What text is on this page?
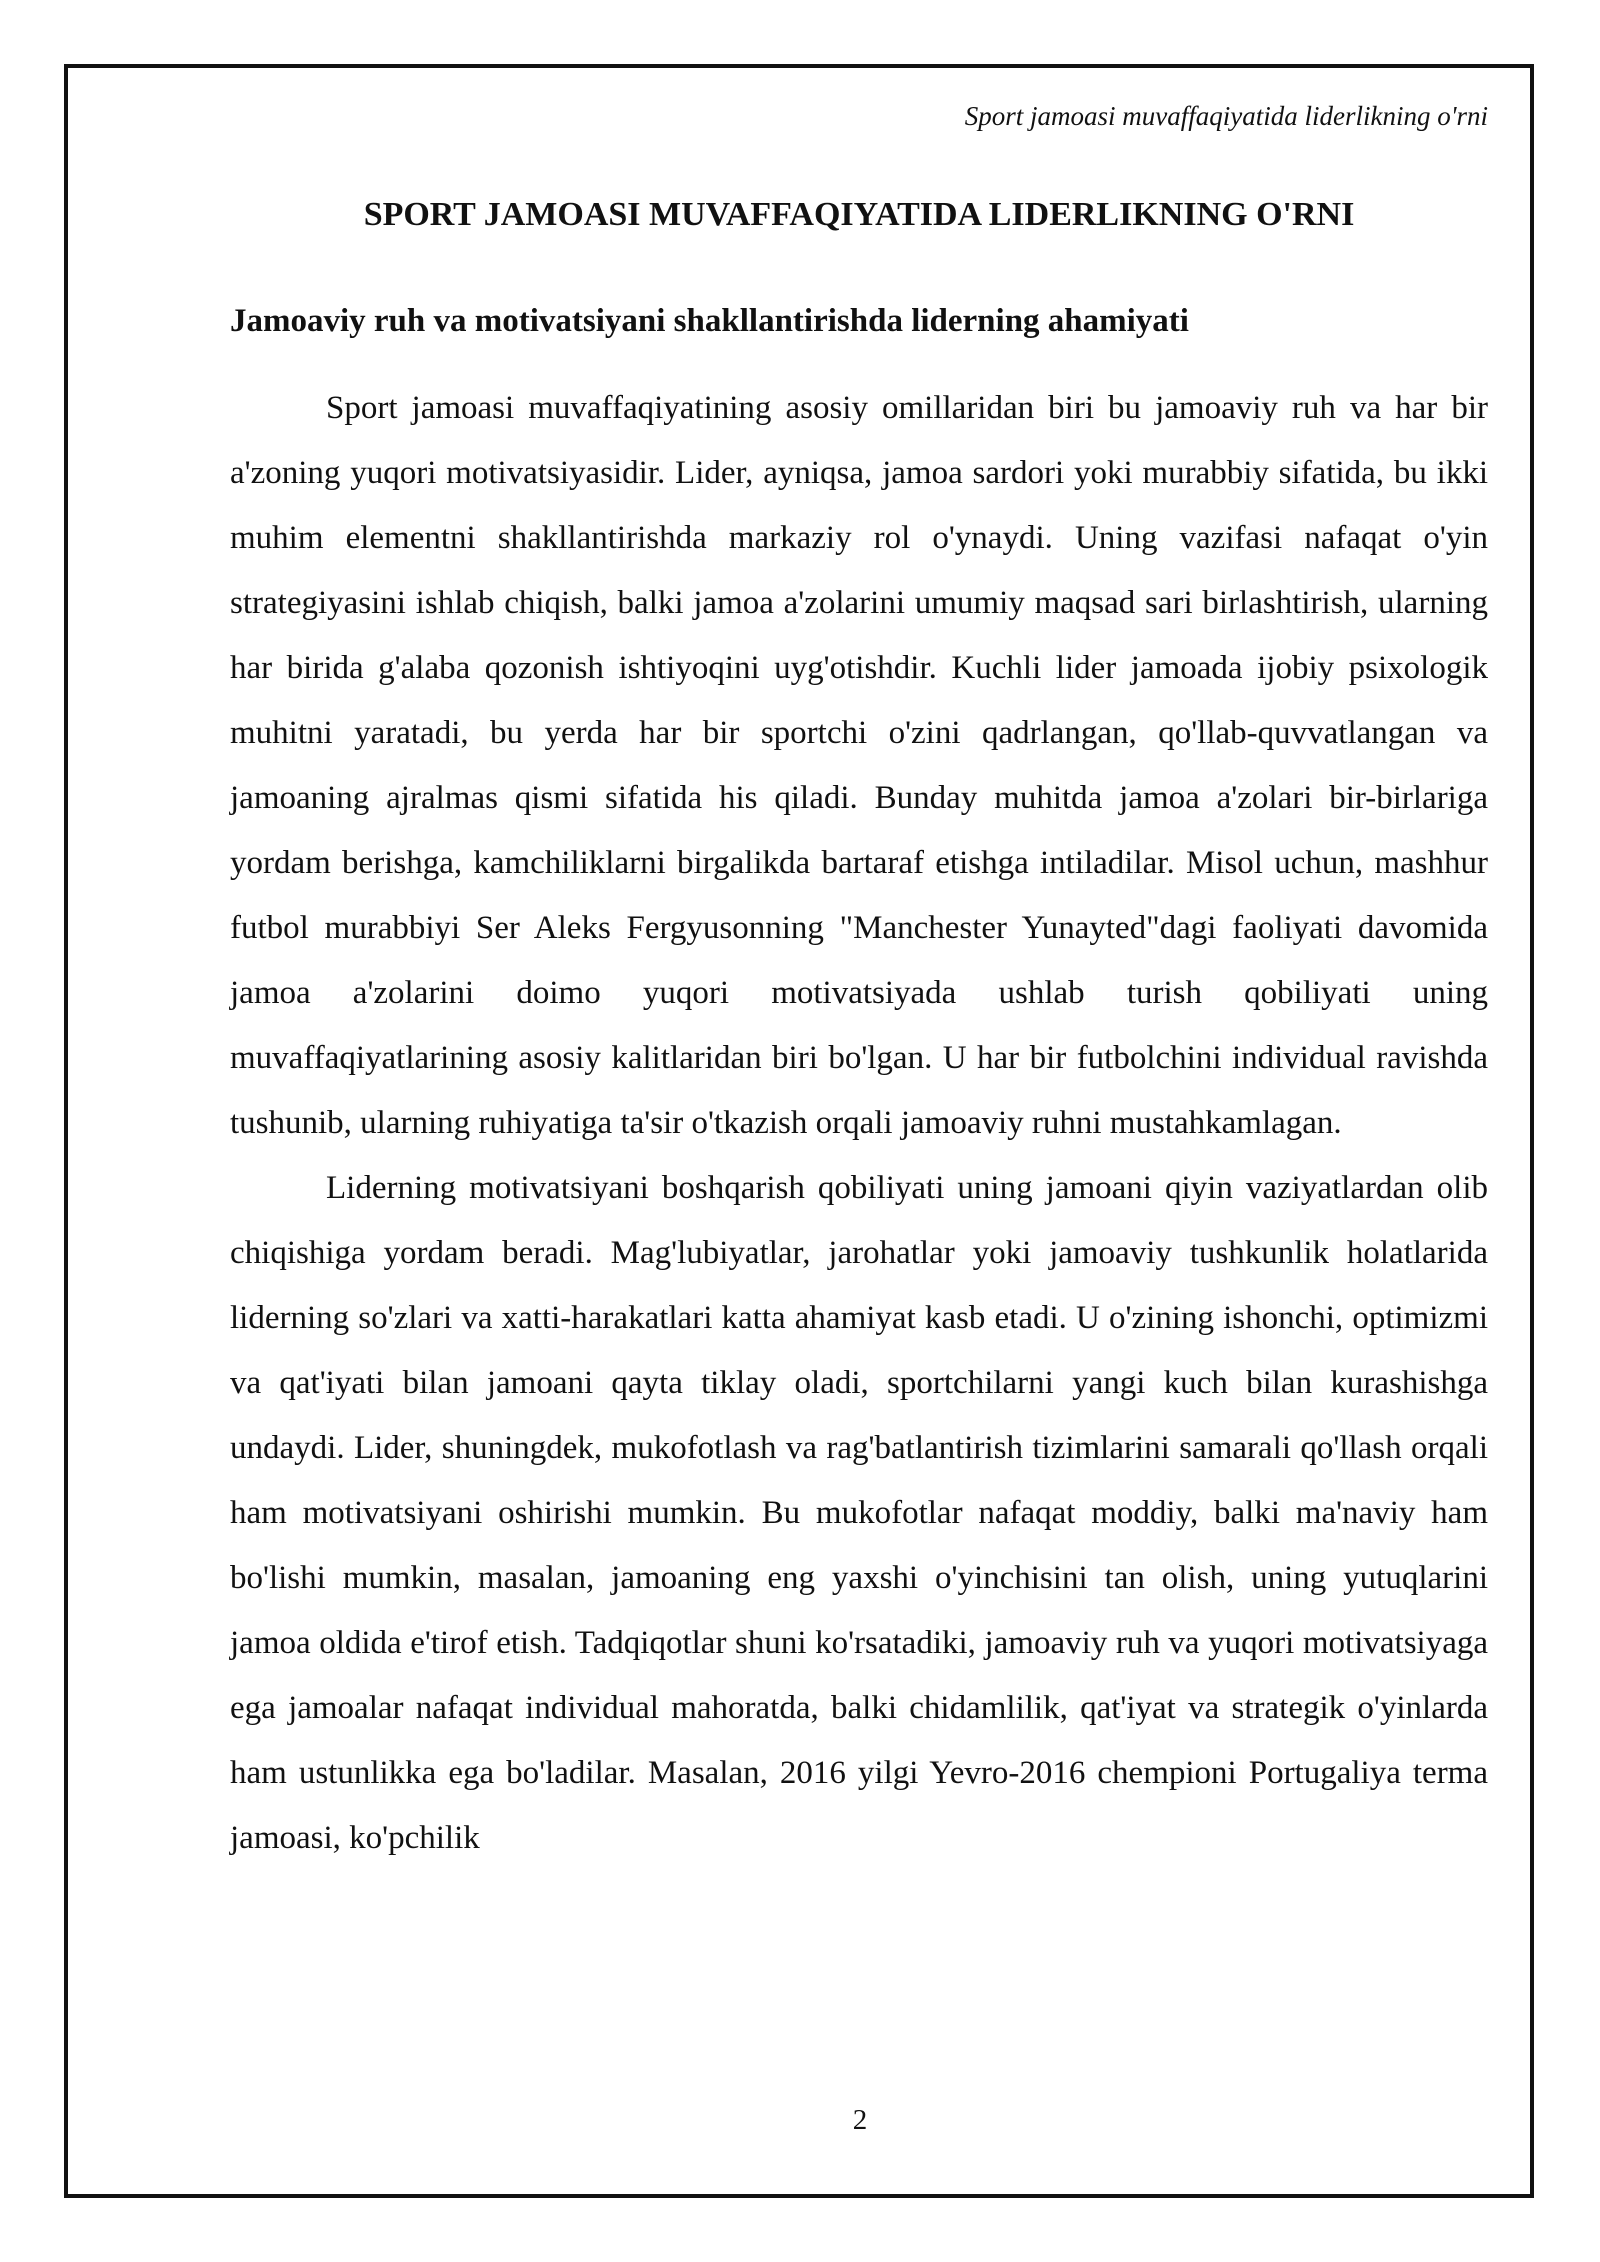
Sport jamoasi muvaffaqiyatida liderlikning o'rni
SPORT JAMOASI MUVAFFAQIYATIDA LIDERLIKNING O'RNI
Jamoaviy ruh va motivatsiyani shakllantirishda liderning ahamiyati

Sport jamoasi muvaffaqiyatining asosiy omillaridan biri bu jamoaviy ruh va har bir a'zoning yuqori motivatsiyasidir. Lider, ayniqsa, jamoa sardori yoki murabbiy sifatida, bu ikki muhim elementni shakllantirishda markaziy rol o'ynaydi. Uning vazifasi nafaqat o'yin strategiyasini ishlab chiqish, balki jamoa a'zolarini umumiy maqsad sari birlashtirish, ularning har birida g'alaba qozonish ishtiyoqini uyg'otishdir. Kuchli lider jamoada ijobiy psixologik muhitni yaratadi, bu yerda har bir sportchi o'zini qadrlangan, qo'llab-quvvatlangan va jamoaning ajralmas qismi sifatida his qiladi. Bunday muhitda jamoa a'zolari bir-birlariga yordam berishga, kamchiliklarni birgalikda bartaraf etishga intiladilar. Misol uchun, mashhur futbol murabbiyi Ser Aleks Fergyusonning "Manchester Yunayted"dagi faoliyati davomida jamoa a'zolarini doimo yuqori motivatsiyada ushlab turish qobiliyati uning muvaffaqiyatlarining asosiy kalitlaridan biri bo'lgan. U har bir futbolchini individual ravishda tushunib, ularning ruhiyatiga ta'sir o'tkazish orqali jamoaviy ruhni mustahkamlagan.

Liderning motivatsiyani boshqarish qobiliyati uning jamoani qiyin vaziyatlardan olib chiqishiga yordam beradi. Mag'lubiyatlar, jarohatlar yoki jamoaviy tushkunlik holatlarida liderning so'zlari va xatti-harakatlari katta ahamiyat kasb etadi. U o'zining ishonchi, optimizmi va qat'iyati bilan jamoani qayta tiklay oladi, sportchilarni yangi kuch bilan kurashishga undaydi. Lider, shuningdek, mukofotlash va rag'batlantirish tizimlarini samarali qo'llash orqali ham motivatsiyani oshirishi mumkin. Bu mukofotlar nafaqat moddiy, balki ma'naviy ham bo'lishi mumkin, masalan, jamoaning eng yaxshi o'yinchisini tan olish, uning yutuqlarini jamoa oldida e'tirof etish. Tadqiqotlar shuni ko'rsatadiki, jamoaviy ruh va yuqori motivatsiyaga ega jamoalar nafaqat individual mahoratda, balki chidamlilik, qat'iyat va strategik o'yinlarda ham ustunlikka ega bo'ladilar. Masalan, 2016 yilgi Yevro-2016 chempioni Portugaliya terma jamoasi, ko'pchilik

2
